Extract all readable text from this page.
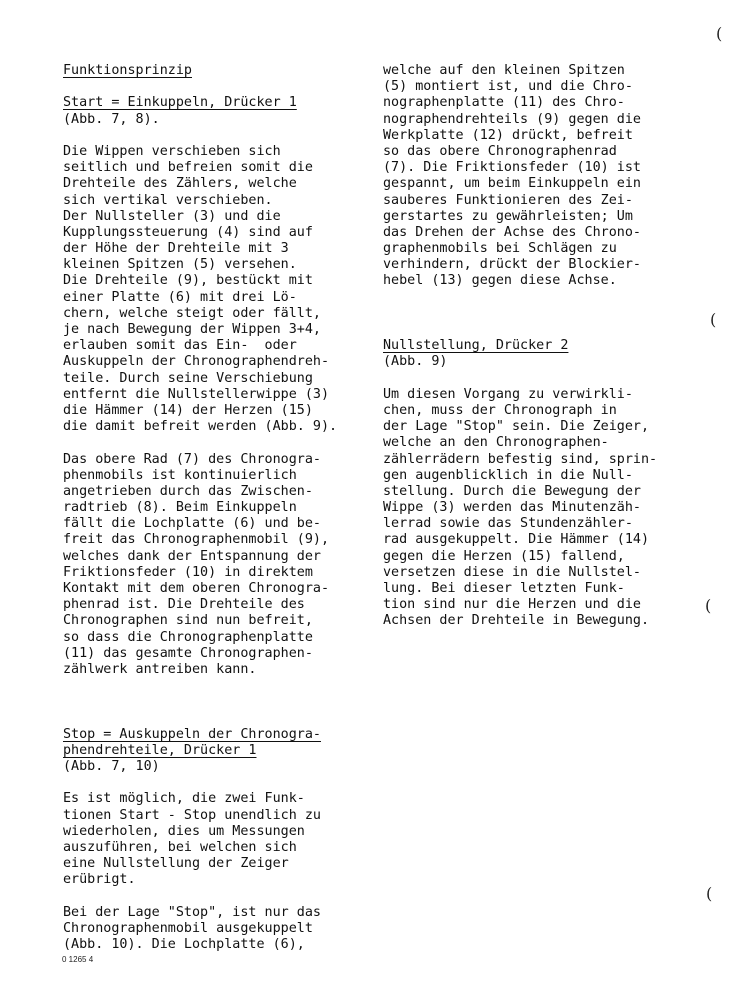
Funktionsprinzip
Start = Einkuppeln, Drücker 1
(Abb. 7, 8).
Die Wippen verschieben sich
seitlich und befreien somit die
Drehteile des Zählers, welche
sich vertikal verschieben.
Der Nullsteller (3) und die
Kupplungssteuerung (4) sind auf
der Höhe der Drehteile mit 3
kleinen Spitzen (5) versehen.
Die Drehteile (9), bestückt mit
einer Platte (6) mit drei Lö-
chern, welche steigt oder fällt,
je nach Bewegung der Wippen 3+4,
erlauben somit das Ein-  oder
Auskuppeln der Chronographendreh-
teile. Durch seine Verschiebung
entfernt die Nullstellerwippe (3)
die Hämmer (14) der Herzen (15)
die damit befreit werden (Abb. 9).
Das obere Rad (7) des Chronogra-
phenmobils ist kontinuierlich
angetrieben durch das Zwischen-
radtrieb (8). Beim Einkuppeln
fällt die Lochplatte (6) und be-
freit das Chronographenmobil (9),
welches dank der Entspannung der
Friktionsfeder (10) in direktem
Kontakt mit dem oberen Chronogra-
phenrad ist. Die Drehteile des
Chronographen sind nun befreit,
so dass die Chronographenplatte
(11) das gesamte Chronographen-
zählwerk antreiben kann.
Stop = Auskuppeln der Chronogra-
phendrehteile, Drücker 1
(Abb. 7, 10)
Es ist möglich, die zwei Funk-
tionen Start - Stop unendlich zu
wiederholen, dies um Messungen
auszuführen, bei welchen sich
eine Nullstellung der Zeiger
erübrigt.
Bei der Lage "Stop", ist nur das
Chronographenmobil ausgekuppelt
(Abb. 10). Die Lochplatte (6),
welche auf den kleinen Spitzen
(5) montiert ist, und die Chro-
nographenplatte (11) des Chro-
nographendrehteils (9) gegen die
Werkplatte (12) drückt, befreit
so das obere Chronographenrad
(7). Die Friktionsfeder (10) ist
gespannt, um beim Einkuppeln ein
sauberes Funktionieren des Zei-
gerstartes zu gewährleisten; Um
das Drehen der Achse des Chrono-
graphenmobils bei Schlägen zu
verhindern, drückt der Blockier-
hebel (13) gegen diese Achse.
Nullstellung, Drücker 2
(Abb. 9)
Um diesen Vorgang zu verwirkli-
chen, muss der Chronograph in
der Lage "Stop" sein. Die Zeiger,
welche an den Chronographen-
zählerrädern befestig sind, sprin-
gen augenblicklich in die Null-
stellung. Durch die Bewegung der
Wippe (3) werden das Minutenzäh-
lerrad sowie das Stundenzähler-
rad ausgekuppelt. Die Hämmer (14)
gegen die Herzen (15) fallend,
versetzen diese in die Nullstel-
lung. Bei dieser letzten Funk-
tion sind nur die Herzen und die
Achsen der Drehteile in Bewegung.
(
(
(
(
0 1265 4
